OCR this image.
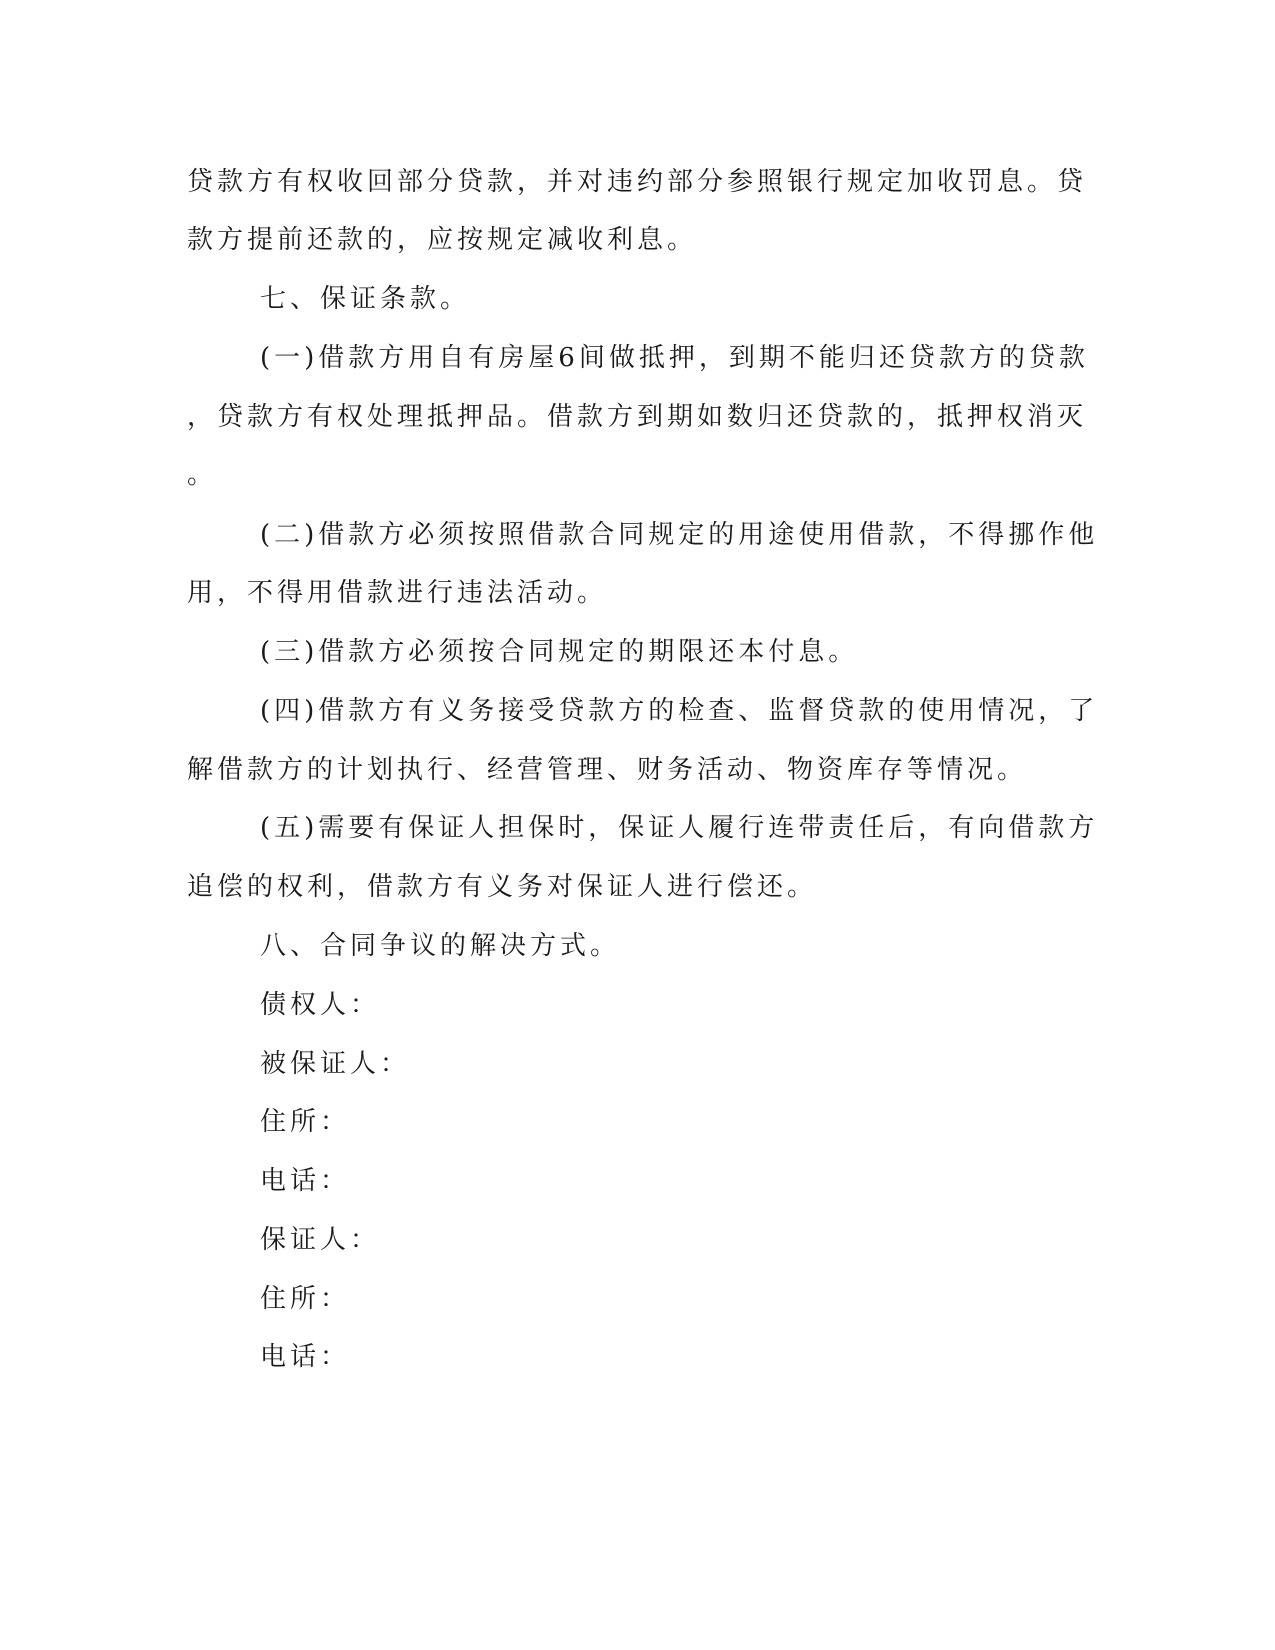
贷款方有权收回部分贷款，并对违约部分参照银行规定加收罚息。贷
款方提前还款的，应按规定减收利息。
七、保证条款。
(一)借款方用自有房屋6间做抵押，到期不能归还贷款方的贷款
，贷款方有权处理抵押品。借款方到期如数归还贷款的，抵押权消灭
。
(二)借款方必须按照借款合同规定的用途使用借款，不得挪作他
用，不得用借款进行违法活动。
(三)借款方必须按合同规定的期限还本付息。
(四)借款方有义务接受贷款方的检查、监督贷款的使用情况，了
解借款方的计划执行、经营管理、财务活动、物资库存等情况。
(五)需要有保证人担保时，保证人履行连带责任后，有向借款方
追偿的权利，借款方有义务对保证人进行偿还。
八、合同争议的解决方式。
债权人：
被保证人：
住所：
电话：
保证人：
住所：
电话：
